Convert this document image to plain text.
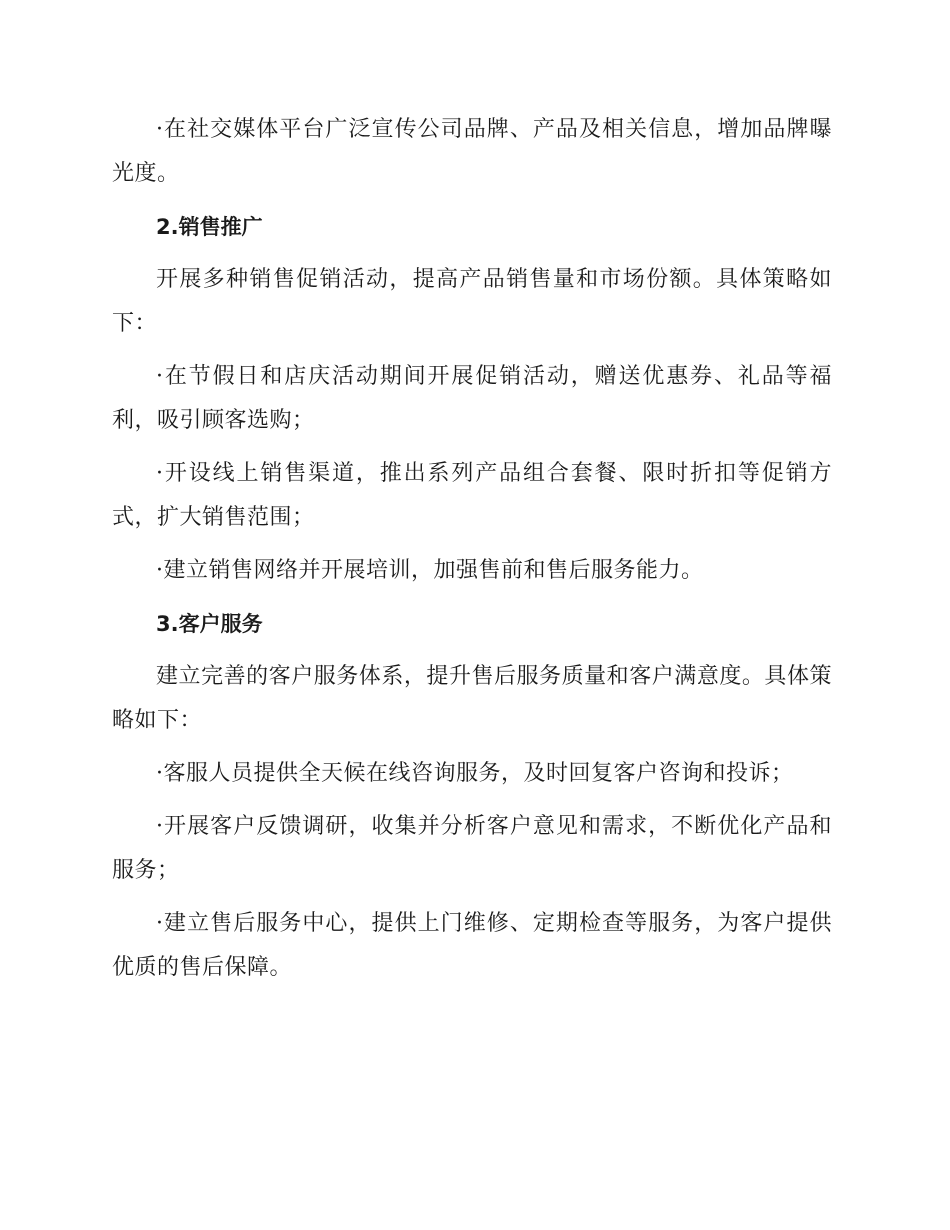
·在社交媒体平台广泛宣传公司品牌、产品及相关信息，增加品牌曝光度。

2.销售推广

开展多种销售促销活动，提高产品销售量和市场份额。具体策略如下：

·在节假日和店庆活动期间开展促销活动，赠送优惠券、礼品等福利，吸引顾客选购；

·开设线上销售渠道，推出系列产品组合套餐、限时折扣等促销方式，扩大销售范围；

·建立销售网络并开展培训，加强售前和售后服务能力。

3.客户服务

建立完善的客户服务体系，提升售后服务质量和客户满意度。具体策略如下：

·客服人员提供全天候在线咨询服务，及时回复客户咨询和投诉；

·开展客户反馈调研，收集并分析客户意见和需求，不断优化产品和服务；

·建立售后服务中心，提供上门维修、定期检查等服务，为客户提供优质的售后保障。
